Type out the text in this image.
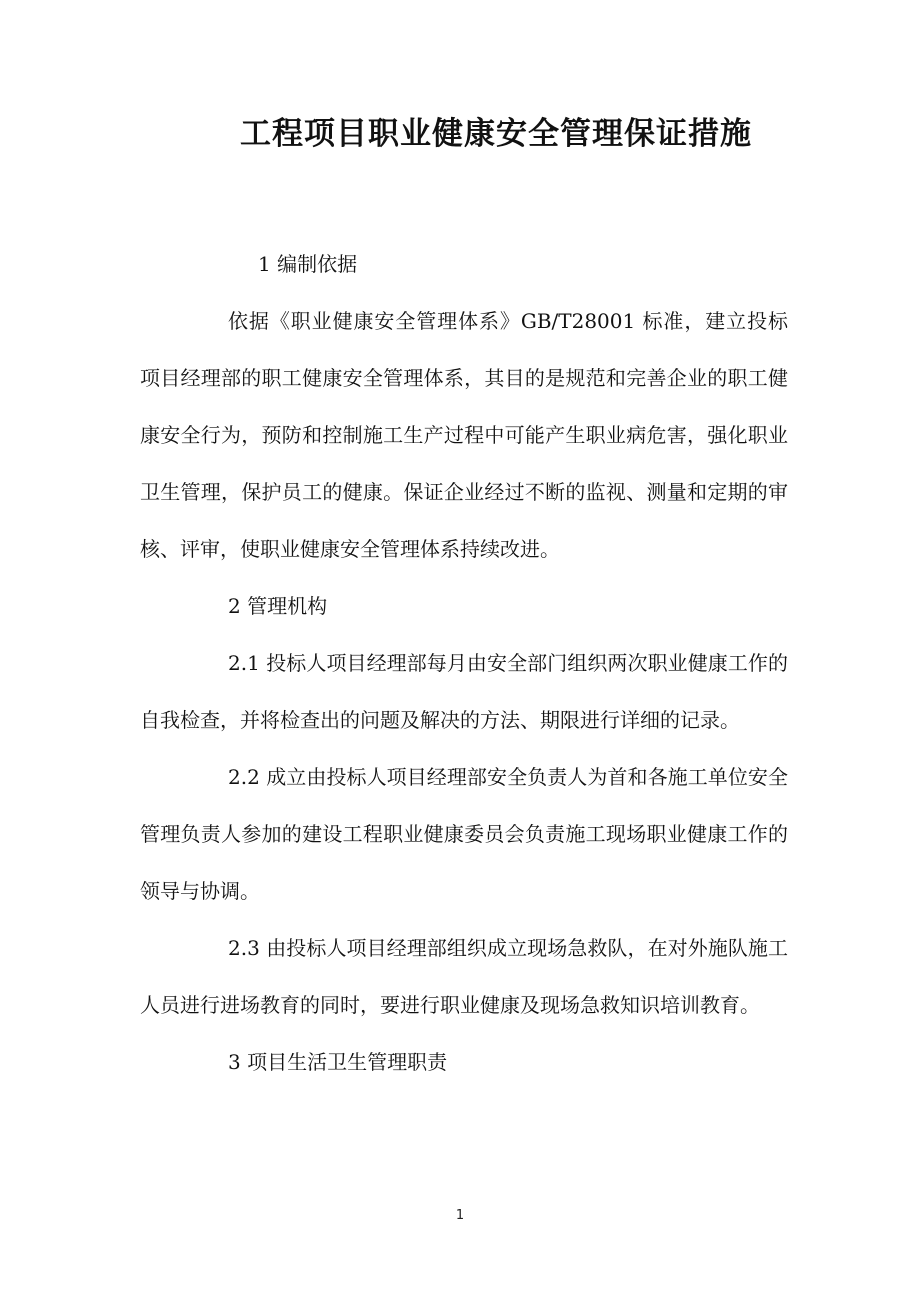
工程项目职业健康安全管理保证措施

1 编制依据

依据《职业健康安全管理体系》GB/T28001 标准，建立投标项目经理部的职工健康安全管理体系，其目的是规范和完善企业的职工健康安全行为，预防和控制施工生产过程中可能产生职业病危害，强化职业卫生管理，保护员工的健康。保证企业经过不断的监视、测量和定期的审核、评审，使职业健康安全管理体系持续改进。

2 管理机构

2.1 投标人项目经理部每月由安全部门组织两次职业健康工作的自我检查，并将检查出的问题及解决的方法、期限进行详细的记录。

2.2 成立由投标人项目经理部安全负责人为首和各施工单位安全管理负责人参加的建设工程职业健康委员会负责施工现场职业健康工作的领导与协调。

2.3 由投标人项目经理部组织成立现场急救队，在对外施队施工人员进行进场教育的同时，要进行职业健康及现场急救知识培训教育。

3 项目生活卫生管理职责

1
